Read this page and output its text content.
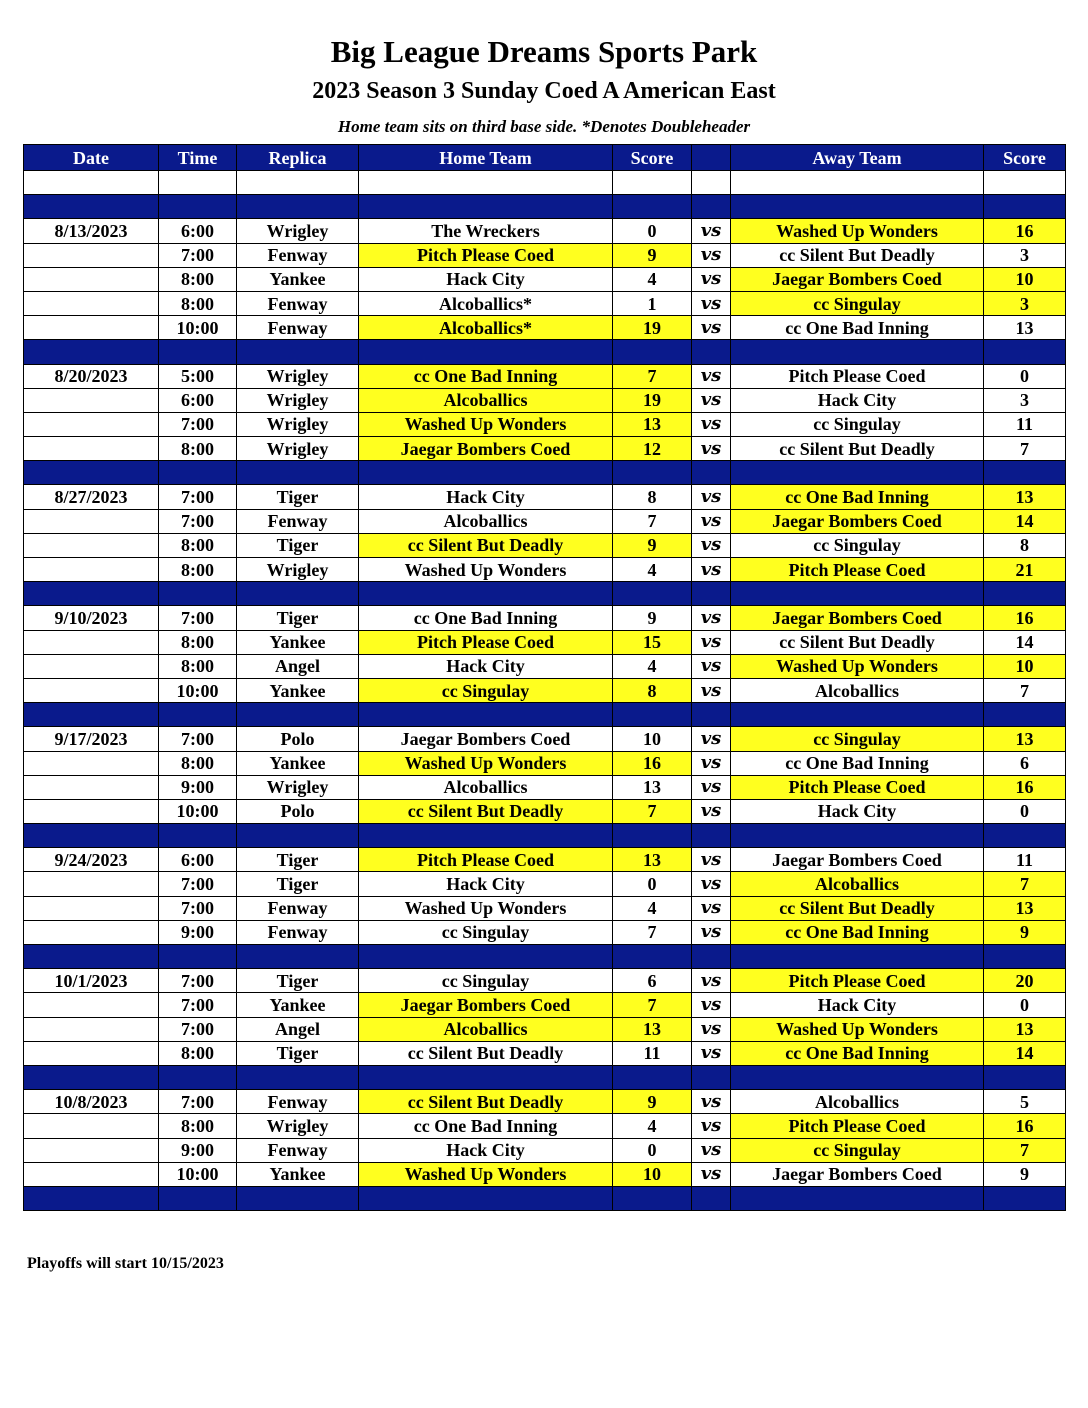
Big League Dreams Sports Park
2023 Season 3 Sunday Coed A American East

Home team sits on third base side. *Denotes Doubleheader

Date	Time	Replica	Home Team	Score		Away Team	Score

8/13/2023	6:00	Wrigley	The Wreckers	0	vs	Washed Up Wonders	16
	7:00	Fenway	Pitch Please Coed	9	vs	cc Silent But Deadly	3
	8:00	Yankee	Hack City	4	vs	Jaegar Bombers Coed	10
	8:00	Fenway	Alcoballics*	1	vs	cc Singulay	3
	10:00	Fenway	Alcoballics*	19	vs	cc One Bad Inning	13

8/20/2023	5:00	Wrigley	cc One Bad Inning	7	vs	Pitch Please Coed	0
	6:00	Wrigley	Alcoballics	19	vs	Hack City	3
	7:00	Wrigley	Washed Up Wonders	13	vs	cc Singulay	11
	8:00	Wrigley	Jaegar Bombers Coed	12	vs	cc Silent But Deadly	7

8/27/2023	7:00	Tiger	Hack City	8	vs	cc One Bad Inning	13
	7:00	Fenway	Alcoballics	7	vs	Jaegar Bombers Coed	14
	8:00	Tiger	cc Silent But Deadly	9	vs	cc Singulay	8
	8:00	Wrigley	Washed Up Wonders	4	vs	Pitch Please Coed	21

9/10/2023	7:00	Tiger	cc One Bad Inning	9	vs	Jaegar Bombers Coed	16
	8:00	Yankee	Pitch Please Coed	15	vs	cc Silent But Deadly	14
	8:00	Angel	Hack City	4	vs	Washed Up Wonders	10
	10:00	Yankee	cc Singulay	8	vs	Alcoballics	7

9/17/2023	7:00	Polo	Jaegar Bombers Coed	10	vs	cc Singulay	13
	8:00	Yankee	Washed Up Wonders	16	vs	cc One Bad Inning	6
	9:00	Wrigley	Alcoballics	13	vs	Pitch Please Coed	16
	10:00	Polo	cc Silent But Deadly	7	vs	Hack City	0

9/24/2023	6:00	Tiger	Pitch Please Coed	13	vs	Jaegar Bombers Coed	11
	7:00	Tiger	Hack City	0	vs	Alcoballics	7
	7:00	Fenway	Washed Up Wonders	4	vs	cc Silent But Deadly	13
	9:00	Fenway	cc Singulay	7	vs	cc One Bad Inning	9

10/1/2023	7:00	Tiger	cc Singulay	6	vs	Pitch Please Coed	20
	7:00	Yankee	Jaegar Bombers Coed	7	vs	Hack City	0
	7:00	Angel	Alcoballics	13	vs	Washed Up Wonders	13
	8:00	Tiger	cc Silent But Deadly	11	vs	cc One Bad Inning	14

10/8/2023	7:00	Fenway	cc Silent But Deadly	9	vs	Alcoballics	5
	8:00	Wrigley	cc One Bad Inning	4	vs	Pitch Please Coed	16
	9:00	Fenway	Hack City	0	vs	cc Singulay	7
	10:00	Yankee	Washed Up Wonders	10	vs	Jaegar Bombers Coed	9

Playoffs will start 10/15/2023
